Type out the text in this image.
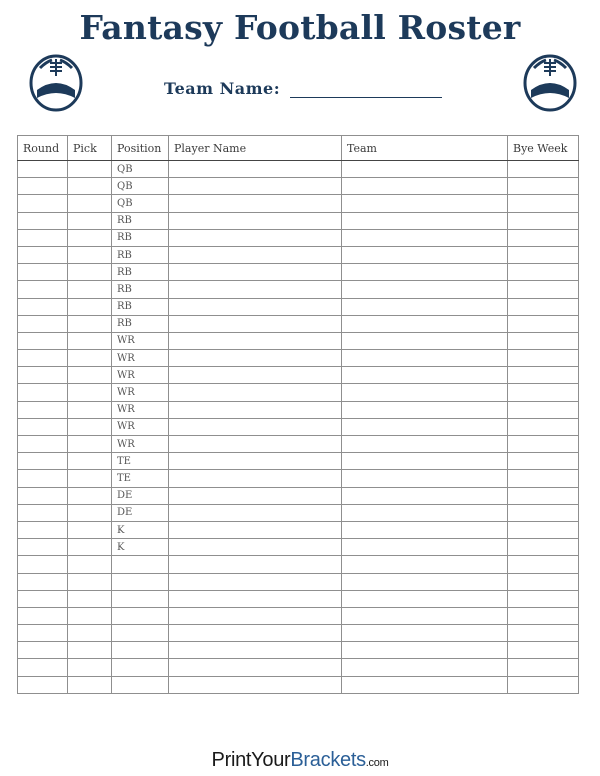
Fantasy Football Roster
Team Name:
Round	Pick	Position	Player Name	Team	Bye Week
		QB			
		QB			
		QB			
		RB			
		RB			
		RB			
		RB			
		RB			
		RB			
		RB			
		WR			
		WR			
		WR			
		WR			
		WR			
		WR			
		WR			
		TE			
		TE			
		DE			
		DE			
		K			
		K			

PrintYourBrackets.com
